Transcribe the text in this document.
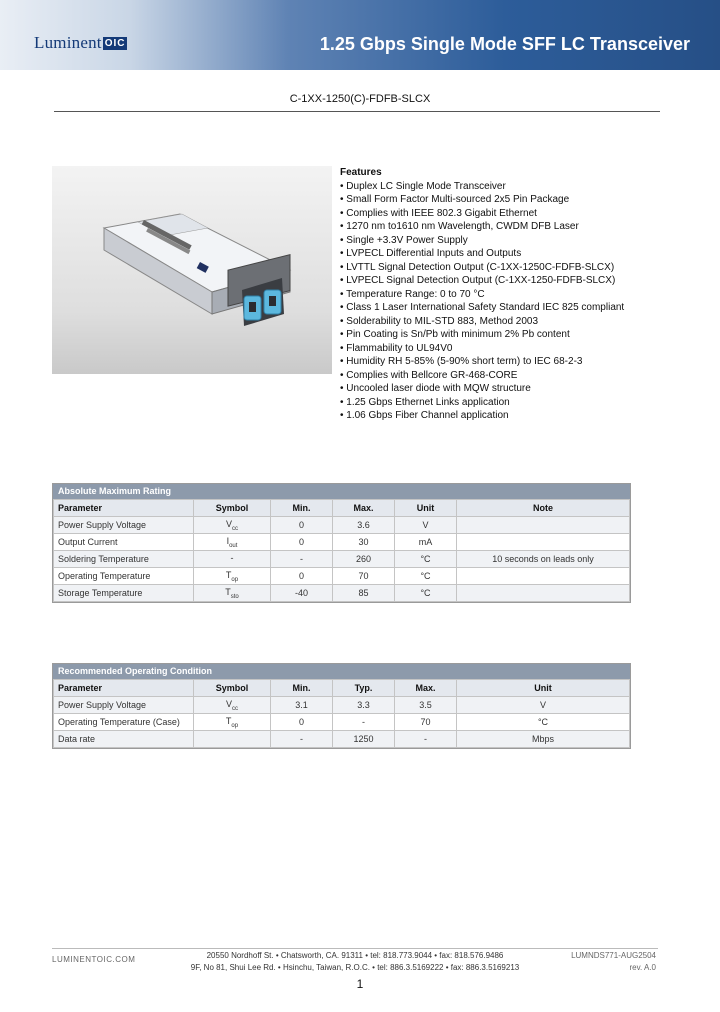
Luminent OIC	1.25 Gbps Single Mode SFF LC Transceiver
C-1XX-1250(C)-FDFB-SLCX
Features
• Duplex LC Single Mode Transceiver
• Small Form Factor Multi-sourced 2x5 Pin Package
• Complies with IEEE 802.3 Gigabit Ethernet
• 1270 nm to1610 nm Wavelength, CWDM DFB Laser
• Single +3.3V Power Supply
• LVPECL Differential Inputs and Outputs
• LVTTL Signal Detection Output (C-1XX-1250C-FDFB-SLCX)
• LVPECL Signal Detection Output (C-1XX-1250-FDFB-SLCX)
• Temperature Range: 0 to 70 °C
• Class 1 Laser International Safety Standard IEC 825 compliant
• Solderability to MIL-STD 883, Method 2003
• Pin Coating is Sn/Pb with minimum 2% Pb content
• Flammability to UL94V0
• Humidity RH 5-85% (5-90% short term) to IEC 68-2-3
• Complies with Bellcore GR-468-CORE
• Uncooled laser diode with MQW structure
• 1.25 Gbps Ethernet Links application
• 1.06 Gbps Fiber Channel application
Absolute Maximum Rating
Parameter	Symbol	Min.	Max.	Unit	Note
Power Supply Voltage	$V_{cc}$	0	3.6	V	
Output Current	$I_{out}$	0	30	mA	
Soldering Temperature	-	-	260	°C	10 seconds on leads only
Operating Temperature	$T_{op}$	0	70	°C	
Storage Temperature	$T_{sto}$	-40	85	°C	
Recommended Operating Condition
Parameter	Symbol	Min.	Typ.	Max.	Unit
Power Supply Voltage	$V_{cc}$	3.1	3.3	3.5	V
Operating Temperature (Case)	$T_{op}$	0	-	70	°C
Data rate		-	1250	-	Mbps
LUMINENTOIC.COM	20550 Nordhoff St. • Chatsworth, CA. 91311 • tel: 818.773.9044 • fax: 818.576.9486
9F, No 81, Shui Lee Rd. • Hsinchu, Taiwan, R.O.C. • tel: 886.3.5169222 • fax: 886.3.5169213
LUMNDS771-AUG2504
rev. A.0
1
